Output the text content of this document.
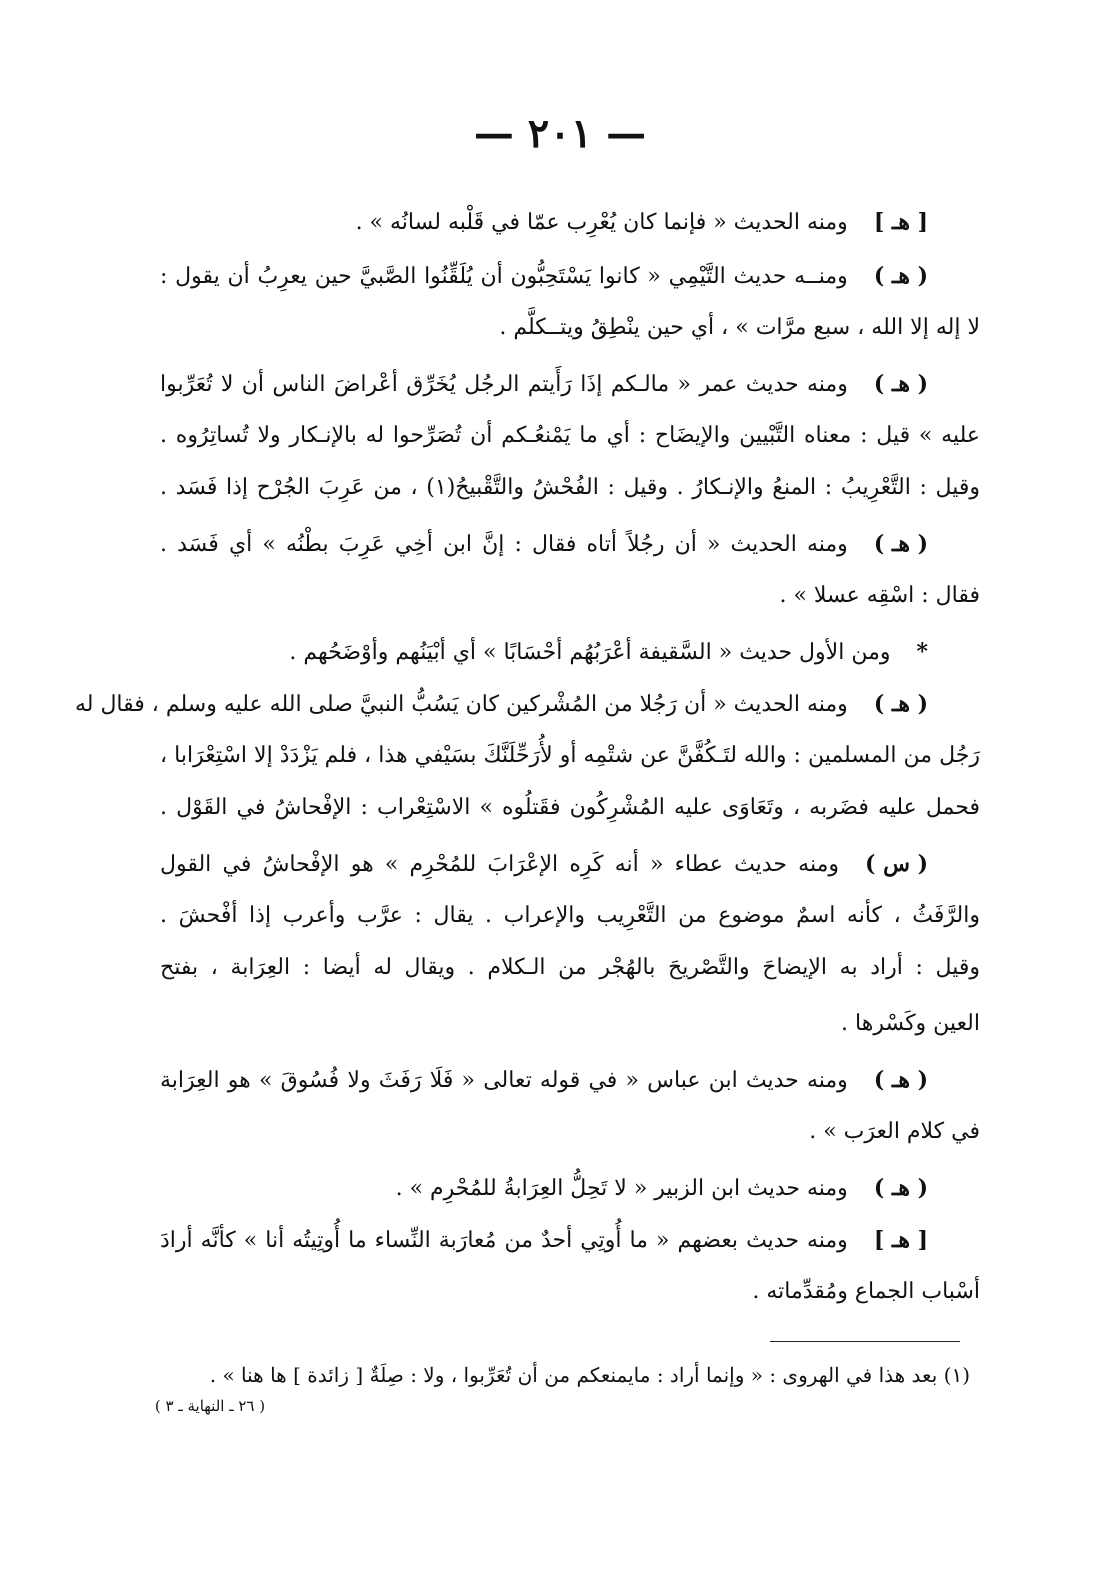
— ٢٠١ —
[ هـ ]ومنه الحديث « فإنما كان يُعْرِب عمّا في قَلْبه لسانُه » .
( هـ )ومنــه حديث التَّيْمِي « كانوا يَسْتَحِبُّون أن يُلَقِّنُوا الصَّبيَّ حين يعرِبُ أن يقول :
لا إله إلا الله ، سبع مرَّات » ، أي حين ينْطِقُ ويتــكلَّم .
( هـ )ومنه حديث عمر « مالـكم إذَا رَأَيتم الرجُل يُخَرِّق أعْراضَ الناس أن لا تُعَرِّبوا
عليه » قيل : معناه التَّبْيين والإيضَاح : أي ما يَمْنعُـكم أن تُصَرِّحوا له بالإنـكار ولا تُساتِرُوه .
وقيل : التَّعْرِيبُ : المنعُ والإنـكارُ . وقيل : الفُحْشُ والتَّقْبيحُ(١) ، من عَرِبَ الجُرْح إذا فَسَد .
( هـ )ومنه الحديث « أن رجُلاً أتاه فقال : إنَّ ابن أخِي عَرِبَ بطْنُه » أي فَسَد .
فقال : اسْقِه عسلا » .
*ومن الأول حديث « السَّقيفة أعْرَبُهُم أحْسَابًا » أي أبْيَنُهم وأوْضَحُهم .
( هـ )ومنه الحديث « أن رَجُلا من المُشْركين كان يَسُبُّ النبيَّ صلى الله عليه وسلم ، فقال له
رَجُل من المسلمين : والله لتَـكُفَّنَّ عن شتْمِه أو لأُرَحِّلَنَّكَ بسَيْفي هذا ، فلم يَزْدَدْ إلا اسْتِعْرَابا ،
فحمل عليه فضَربه ، وتَعَاوَى عليه المُشْرِكُون فقَتلُوه » الاسْتِعْراب : الإفْحاشُ في القَوْل .
( س )ومنه حديث عطاء « أنه كَرِه الإعْرَابَ للمُحْرِم » هو الإفْحاشُ في القول
والرَّفَثُ ، كأنه اسمٌ موضوع من التَّعْرِيب والإعراب . يقال : عرَّب وأعرب إذا أفْحشَ .
وقيل : أراد به الإيضاحَ والتَّصْريحَ بالهُجْر من الـكلام . ويقال له أيضا : العِرَابة ، بفتح
العين وكَسْرها .
( هـ )ومنه حديث ابن عباس « في قوله تعالى « فَلَا رَفَثَ ولا فُسُوقَ » هو العِرَابة
في كلام العرَب » .
( هـ )ومنه حديث ابن الزبير « لا تَحِلُّ العِرَابةُ للمُحْرِم » .
[ هـ ]ومنه حديث بعضهم « ما أُوتِي أحدٌ من مُعارَبة النِّساء ما أُوتِيتُه أنا » كأنَّه أرادَ
أسْباب الجماع ومُقدِّماته .
(١) بعد هذا في الهروى : « وإنما أراد : مايمنعكم من أن تُعَرِّبوا ، ولا : صِلَةٌ [ زائدة ] ها هنا » .
( ٢٦ ـ النهاية ـ ٣ )
